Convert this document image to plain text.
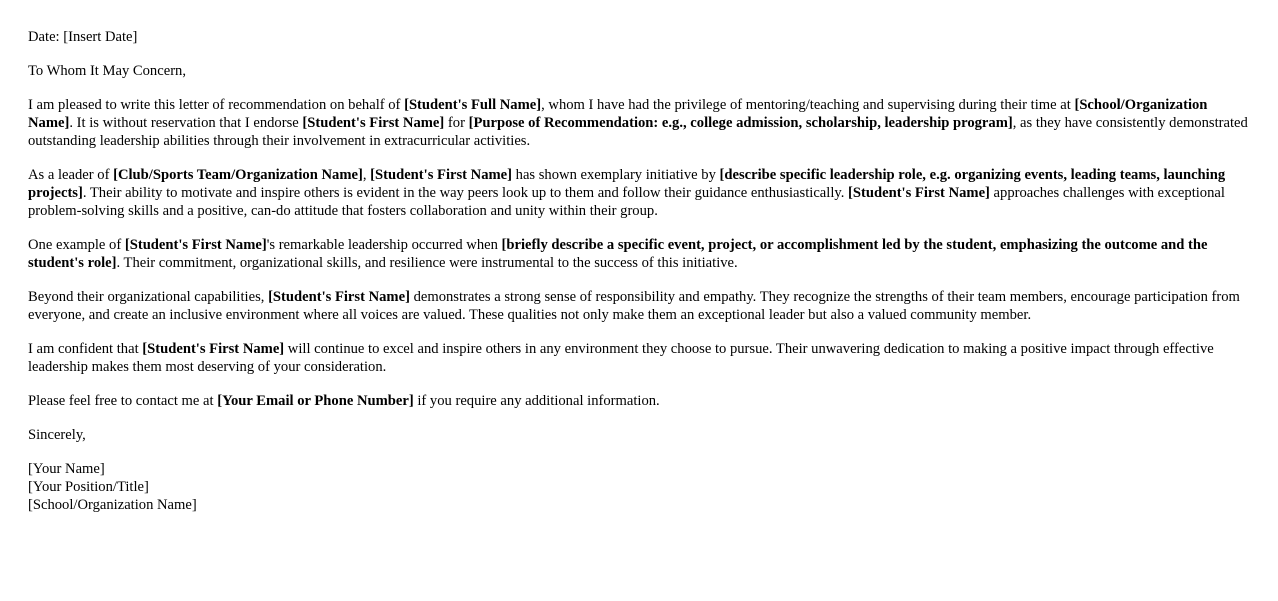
Date: [Insert Date]

To Whom It May Concern,

I am pleased to write this letter of recommendation on behalf of [Student's Full Name], whom I have had the privilege of mentoring/teaching and supervising during their time at [School/Organization Name]. It is without reservation that I endorse [Student's First Name] for [Purpose of Recommendation: e.g., college admission, scholarship, leadership program], as they have consistently demonstrated outstanding leadership abilities through their involvement in extracurricular activities.

As a leader of [Club/Sports Team/Organization Name], [Student's First Name] has shown exemplary initiative by [describe specific leadership role, e.g. organizing events, leading teams, launching projects]. Their ability to motivate and inspire others is evident in the way peers look up to them and follow their guidance enthusiastically. [Student's First Name] approaches challenges with exceptional problem-solving skills and a positive, can-do attitude that fosters collaboration and unity within their group.

One example of [Student's First Name]'s remarkable leadership occurred when [briefly describe a specific event, project, or accomplishment led by the student, emphasizing the outcome and the student's role]. Their commitment, organizational skills, and resilience were instrumental to the success of this initiative.

Beyond their organizational capabilities, [Student's First Name] demonstrates a strong sense of responsibility and empathy. They recognize the strengths of their team members, encourage participation from everyone, and create an inclusive environment where all voices are valued. These qualities not only make them an exceptional leader but also a valued community member.

I am confident that [Student's First Name] will continue to excel and inspire others in any environment they choose to pursue. Their unwavering dedication to making a positive impact through effective leadership makes them most deserving of your consideration.

Please feel free to contact me at [Your Email or Phone Number] if you require any additional information.

Sincerely,

[Your Name]

[Your Position/Title]

[School/Organization Name]
